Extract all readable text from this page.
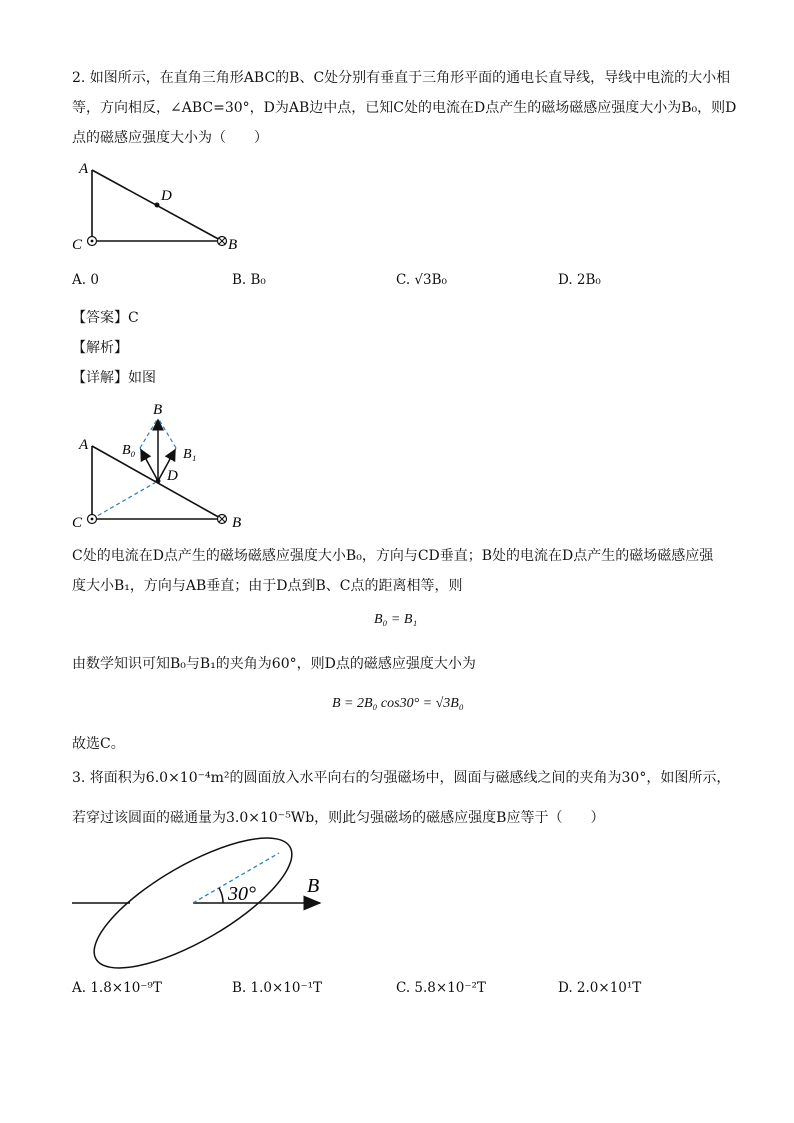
2. 如图所示，在直角三角形ABC的B、C处分别有垂直于三角形平面的通电长直导线，导线中电流的大小相
等，方向相反，∠ABC=30°，D为AB边中点，已知C处的电流在D点产生的磁场磁感应强度大小为B₀，则D
点的磁感应强度大小为（　　）
A
D
C	B
A. 0	B. B₀	C. √3B₀	D. 2B₀
【答案】C
【解析】
【详解】如图
B
B₀	B₁
A
D
C	B
C处的电流在D点产生的磁场磁感应强度大小B₀，方向与CD垂直；B处的电流在D点产生的磁场磁感应强
度大小B₁，方向与AB垂直；由于D点到B、C点的距离相等，则
B₀ = B₁
由数学知识可知B₀与B₁的夹角为60°，则D点的磁感应强度大小为
B = 2B₀ cos30° = √3B₀
故选C。
3. 将面积为6.0×10⁻⁴m²的圆面放入水平向右的匀强磁场中，圆面与磁感线之间的夹角为30°，如图所示，
若穿过该圆面的磁通量为3.0×10⁻⁵Wb，则此匀强磁场的磁感应强度B应等于（　　）
30°	B
A. 1.8×10⁻⁹T	B. 1.0×10⁻¹T	C. 5.8×10⁻²T	D. 2.0×10¹T
